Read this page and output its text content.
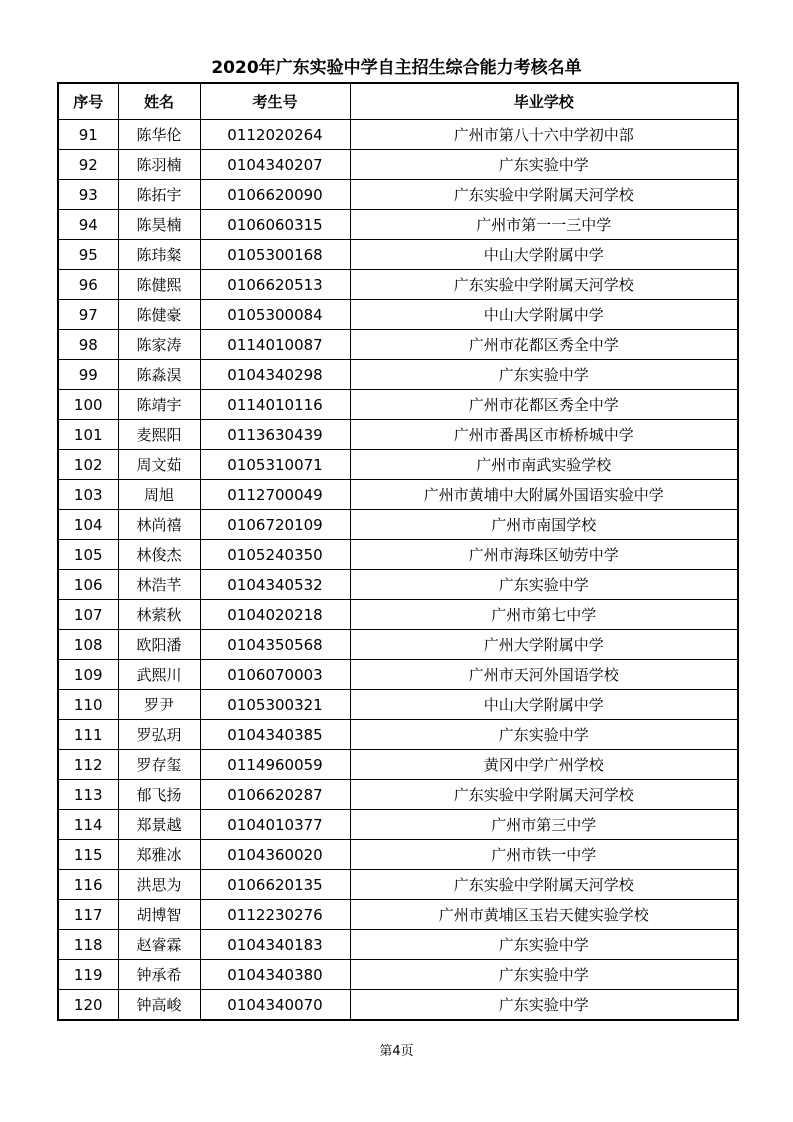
2020年广东实验中学自主招生综合能力考核名单
序号	姓名	考生号	毕业学校
91	陈华伦	0112020264	广州市第八十六中学初中部
92	陈羽楠	0104340207	广东实验中学
93	陈拓宇	0106620090	广东实验中学附属天河学校
94	陈昊楠	0106060315	广州市第一一三中学
95	陈玮粲	0105300168	中山大学附属中学
96	陈健熙	0106620513	广东实验中学附属天河学校
97	陈健豪	0105300084	中山大学附属中学
98	陈家涛	0114010087	广州市花都区秀全中学
99	陈淼淏	0104340298	广东实验中学
100	陈靖宇	0114010116	广州市花都区秀全中学
101	麦熙阳	0113630439	广州市番禺区市桥桥城中学
102	周文茹	0105310071	广州市南武实验学校
103	周旭	0112700049	广州市黄埔中大附属外国语实验中学
104	林尚禧	0106720109	广州市南国学校
105	林俊杰	0105240350	广州市海珠区劬劳中学
106	林浩芊	0104340532	广东实验中学
107	林萦秋	0104020218	广州市第七中学
108	欧阳潘	0104350568	广州大学附属中学
109	武熙川	0106070003	广州市天河外国语学校
110	罗尹	0105300321	中山大学附属中学
111	罗弘玥	0104340385	广东实验中学
112	罗存玺	0114960059	黄冈中学广州学校
113	郁飞扬	0106620287	广东实验中学附属天河学校
114	郑景越	0104010377	广州市第三中学
115	郑雅冰	0104360020	广州市铁一中学
116	洪思为	0106620135	广东实验中学附属天河学校
117	胡博智	0112230276	广州市黄埔区玉岩天健实验学校
118	赵睿霖	0104340183	广东实验中学
119	钟承希	0104340380	广东实验中学
120	钟高峻	0104340070	广东实验中学
第4页
